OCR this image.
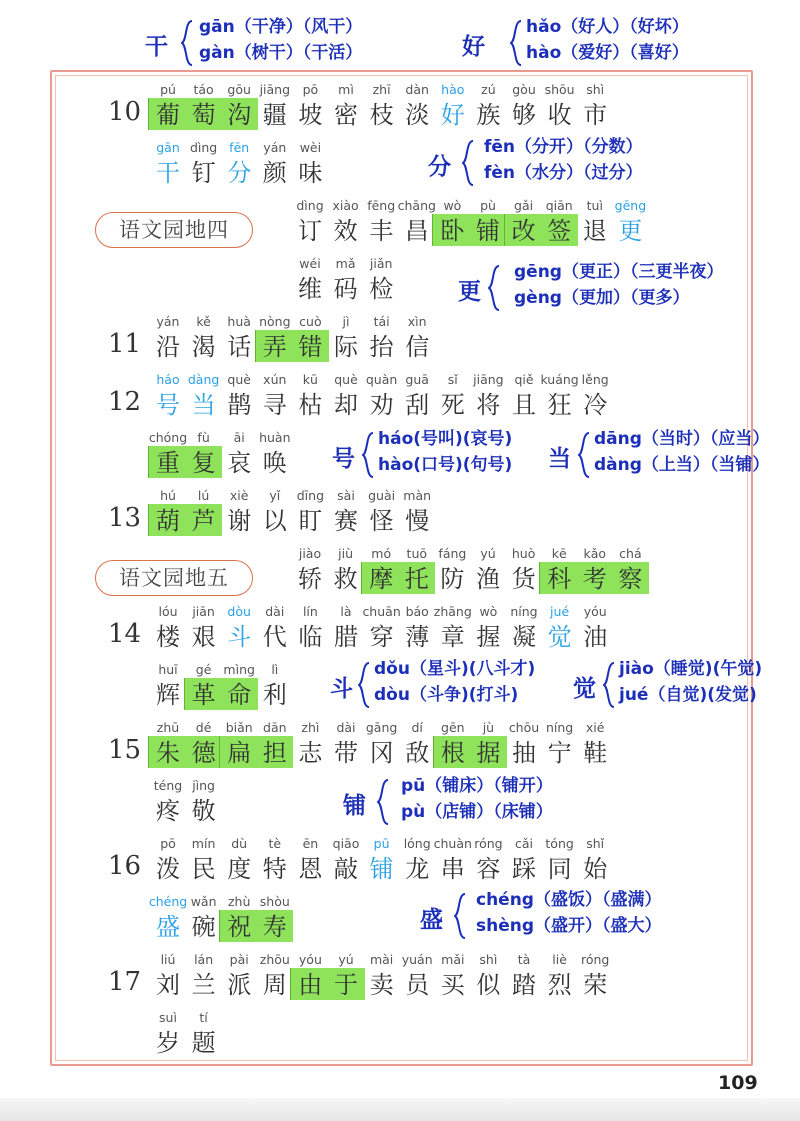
干
gān（干净）（风干）
gàn（树干）（干活）	好
hǎo（好人）（好坏）
hào（爱好）（喜好）
10
pú
葡
táo
萄
gōu
沟
jiāng
疆
pō
坡
mì
密
zhī
枝
dàn
淡
hào
好
zú
族
gòu
够
shōu
收
shì
市
gān
干
dìng
钉
fēn
分
yán
颜
wèi
味
语文园地四
dìng
订
xiào
效
fēng
丰
chāng
昌
wò
卧
pù
铺
gǎi
改
qiān
签
tuì
退
gēng
更
wéi
维
mǎ
码
jiǎn
检
11
yán
沿
kě
渴
huà
话
nòng
弄
cuò
错
jì
际
tái
抬
xìn
信
12
háo
号
dàng
当
què
鹊
xún
寻
kū
枯
què
却
quàn
劝
guā
刮
sǐ
死
jiāng
将
qiě
且
kuáng
狂
lěng
冷
chóng
重
fù
复
āi
哀
huàn
唤
13
hú
葫
lú
芦
xiè
谢
yǐ
以
dīng
盯
sài
赛
guài
怪
màn
慢
语文园地五
jiào
轿
jiù
救
mó
摩
tuō
托
fáng
防
yú
渔
huò
货
kē
科
kǎo
考
chá
察
14
lóu
楼
jiān
艰
dòu
斗
dài
代
lín
临
là
腊
chuān
穿
báo
薄
zhāng
章
wò
握
níng
凝
jué
觉
yóu
油
huī
辉
gé
革
mìng
命
lì
利
15
zhū
朱
dé
德
biǎn
扁
dān
担
zhì
志
dài
带
gāng
冈
dí
敌
gēn
根
jù
据
chōu
抽
níng
宁
xié
鞋
téng
疼
jìng
敬
16
pō
泼
mín
民
dù
度
tè
特
ēn
恩
qiāo
敲
pū
铺
lóng
龙
chuàn
串
róng
容
cǎi
踩
tóng
同
shǐ
始
chéng
盛
wǎn
碗
zhù
祝
shòu
寿
17
liú
刘
lán
兰
pài
派
zhōu
周
yóu
由
yú
于
mài
卖
yuán
员
mǎi
买
shì
似
tà
踏
liè
烈
róng
荣
suì
岁
tí
题
分
fēn（分开）（分数）
fèn（水分）（过分）
更
gēng（更正）（三更半夜）
gèng（更加）（更多）
号
háo(号叫)(哀号)
hào(口号)(句号) 当
dāng（当时）（应当）
dàng（上当）（当铺）
斗
dǒu（星斗)(八斗才)
dòu（斗争)(打斗)	觉
jiào（睡觉)(午觉)
jué（自觉)(发觉)
铺
pū（铺床）（铺开）
pù（店铺）（床铺）
盛
chéng（盛饭）（盛满）
shèng（盛开）（盛大）
109
